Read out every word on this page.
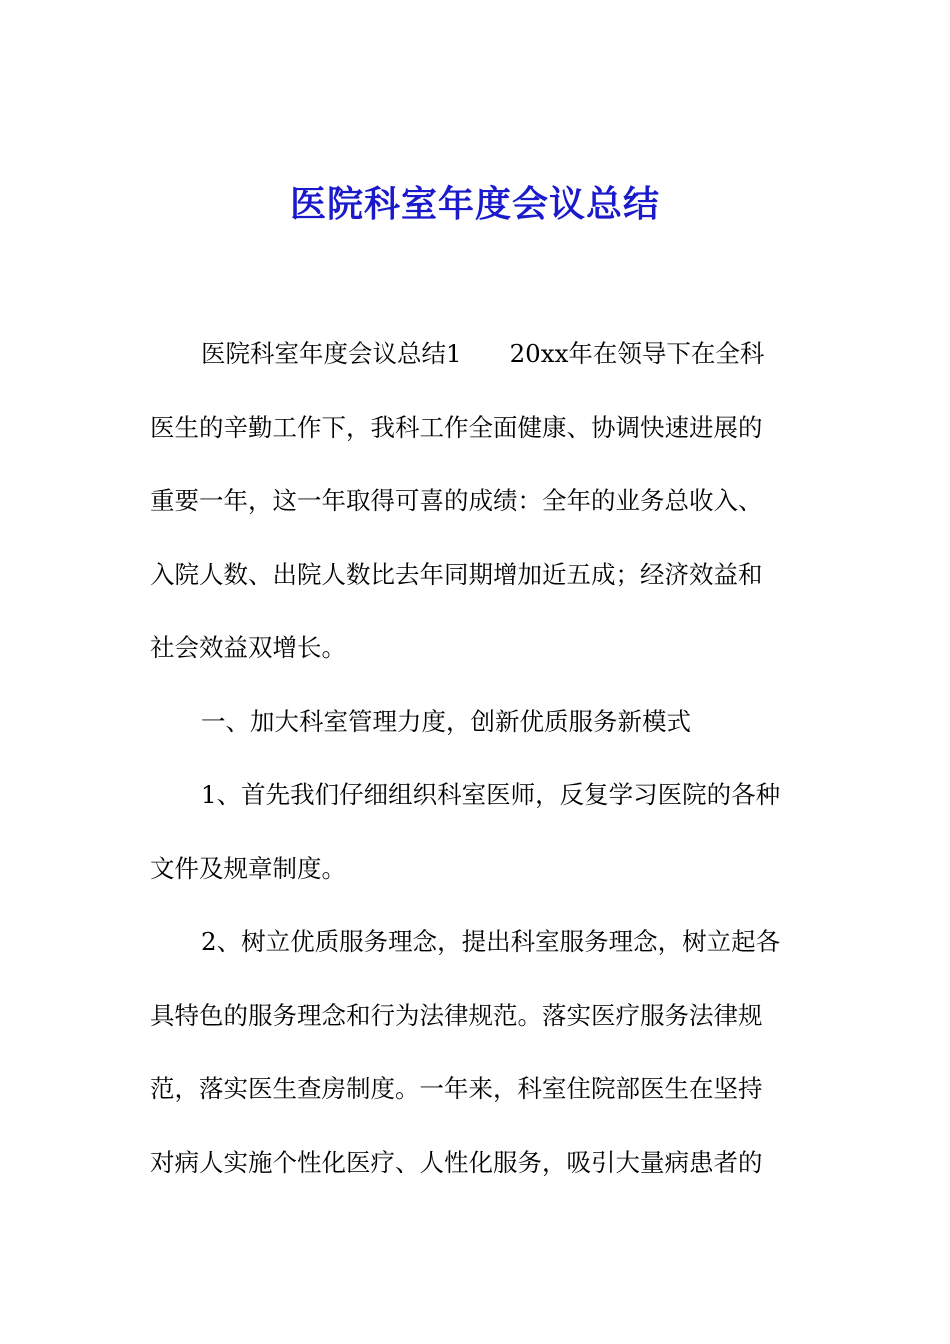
医院科室年度会议总结
医院科室年度会议总结1 20xx年在领导下在全科
医生的辛勤工作下，我科工作全面健康、协调快速进展的
重要一年，这一年取得可喜的成绩：全年的业务总收入、
入院人数、出院人数比去年同期增加近五成；经济效益和
社会效益双增长。
一、加大科室管理力度，创新优质服务新模式
1、首先我们仔细组织科室医师，反复学习医院的各种
文件及规章制度。
2、树立优质服务理念，提出科室服务理念，树立起各
具特色的服务理念和行为法律规范。落实医疗服务法律规
范，落实医生查房制度。一年来，科室住院部医生在坚持
对病人实施个性化医疗、人性化服务，吸引大量病患者的
